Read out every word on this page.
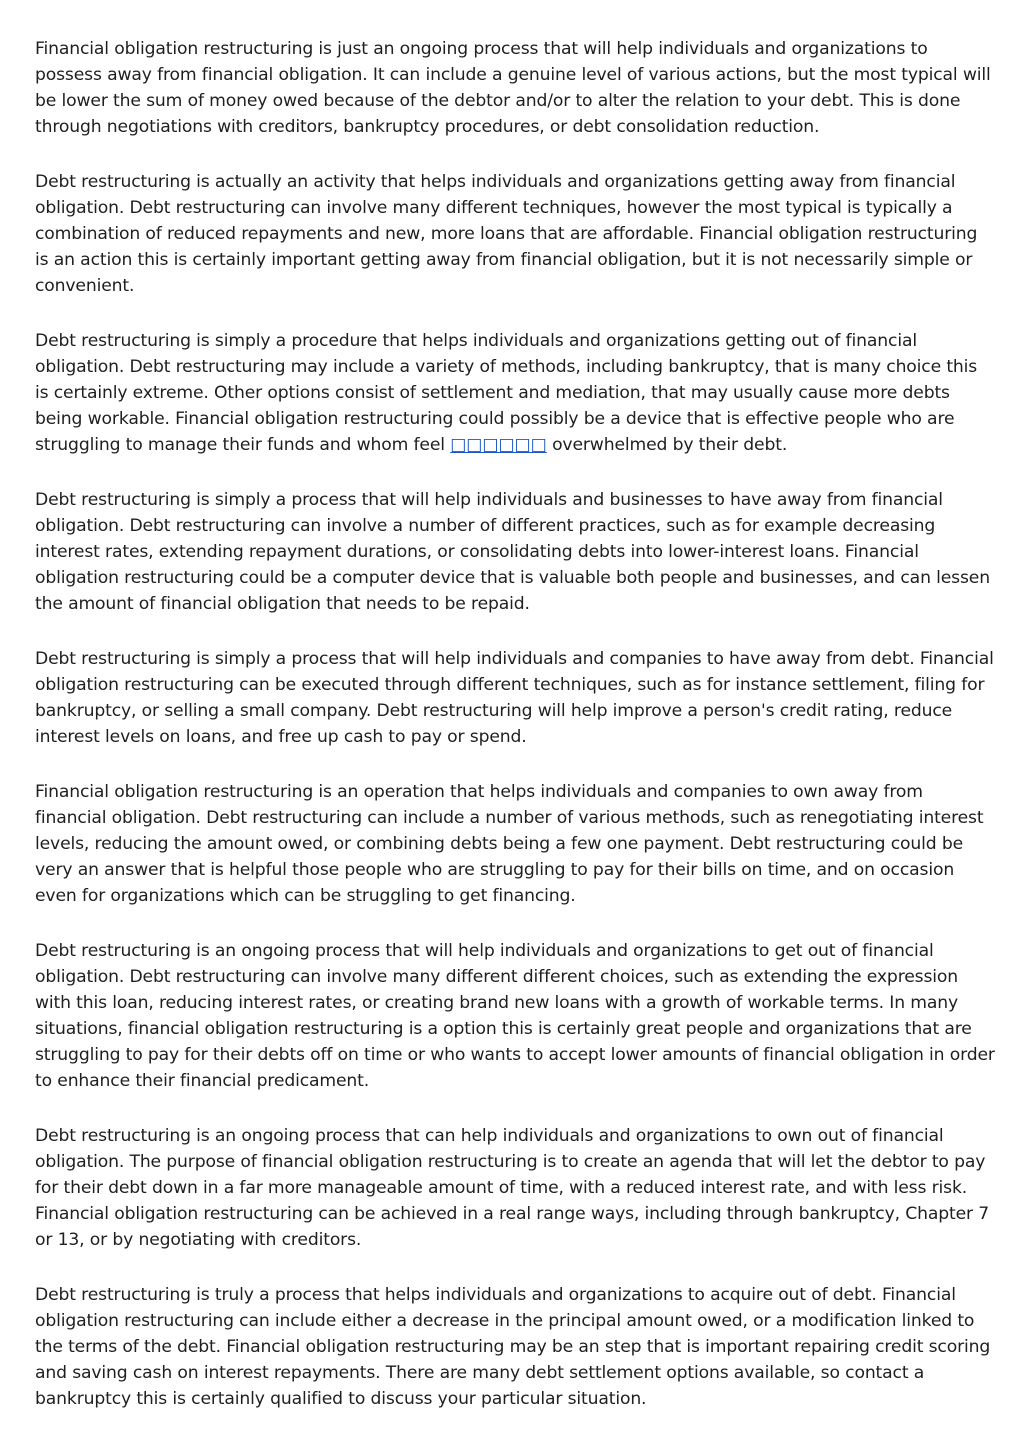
Financial obligation restructuring is just an ongoing process that will help individuals and organizations to possess away from financial obligation. It can include a genuine level of various actions, but the most typical will be lower the sum of money owed because of the debtor and/or to alter the relation to your debt. This is done through negotiations with creditors, bankruptcy procedures, or debt consolidation reduction.

Debt restructuring is actually an activity that helps individuals and organizations getting away from financial obligation. Debt restructuring can involve many different techniques, however the most typical is typically a combination of reduced repayments and new, more loans that are affordable. Financial obligation restructuring is an action this is certainly important getting away from financial obligation, but it is not necessarily simple or convenient.

Debt restructuring is simply a procedure that helps individuals and organizations getting out of financial obligation. Debt restructuring may include a variety of methods, including bankruptcy, that is many choice this is certainly extreme. Other options consist of settlement and mediation, that may usually cause more debts being workable. Financial obligation restructuring could possibly be a device that is effective people who are struggling to manage their funds and whom feel □□□□□□ overwhelmed by their debt.

Debt restructuring is simply a process that will help individuals and businesses to have away from financial obligation. Debt restructuring can involve a number of different practices, such as for example decreasing interest rates, extending repayment durations, or consolidating debts into lower-interest loans. Financial obligation restructuring could be a computer device that is valuable both people and businesses, and can lessen the amount of financial obligation that needs to be repaid.

Debt restructuring is simply a process that will help individuals and companies to have away from debt. Financial obligation restructuring can be executed through different techniques, such as for instance settlement, filing for bankruptcy, or selling a small company. Debt restructuring will help improve a person's credit rating, reduce interest levels on loans, and free up cash to pay or spend.

Financial obligation restructuring is an operation that helps individuals and companies to own away from financial obligation. Debt restructuring can include a number of various methods, such as renegotiating interest levels, reducing the amount owed, or combining debts being a few one payment. Debt restructuring could be very an answer that is helpful those people who are struggling to pay for their bills on time, and on occasion even for organizations which can be struggling to get financing.

Debt restructuring is an ongoing process that will help individuals and organizations to get out of financial obligation. Debt restructuring can involve many different different choices, such as extending the expression with this loan, reducing interest rates, or creating brand new loans with a growth of workable terms. In many situations, financial obligation restructuring is a option this is certainly great people and organizations that are struggling to pay for their debts off on time or who wants to accept lower amounts of financial obligation in order to enhance their financial predicament.

Debt restructuring is an ongoing process that can help individuals and organizations to own out of financial obligation. The purpose of financial obligation restructuring is to create an agenda that will let the debtor to pay for their debt down in a far more manageable amount of time, with a reduced interest rate, and with less risk. Financial obligation restructuring can be achieved in a real range ways, including through bankruptcy, Chapter 7 or 13, or by negotiating with creditors.

Debt restructuring is truly a process that helps individuals and organizations to acquire out of debt. Financial obligation restructuring can include either a decrease in the principal amount owed, or a modification linked to the terms of the debt. Financial obligation restructuring may be an step that is important repairing credit scoring and saving cash on interest repayments. There are many debt settlement options available, so contact a bankruptcy this is certainly qualified to discuss your particular situation.
